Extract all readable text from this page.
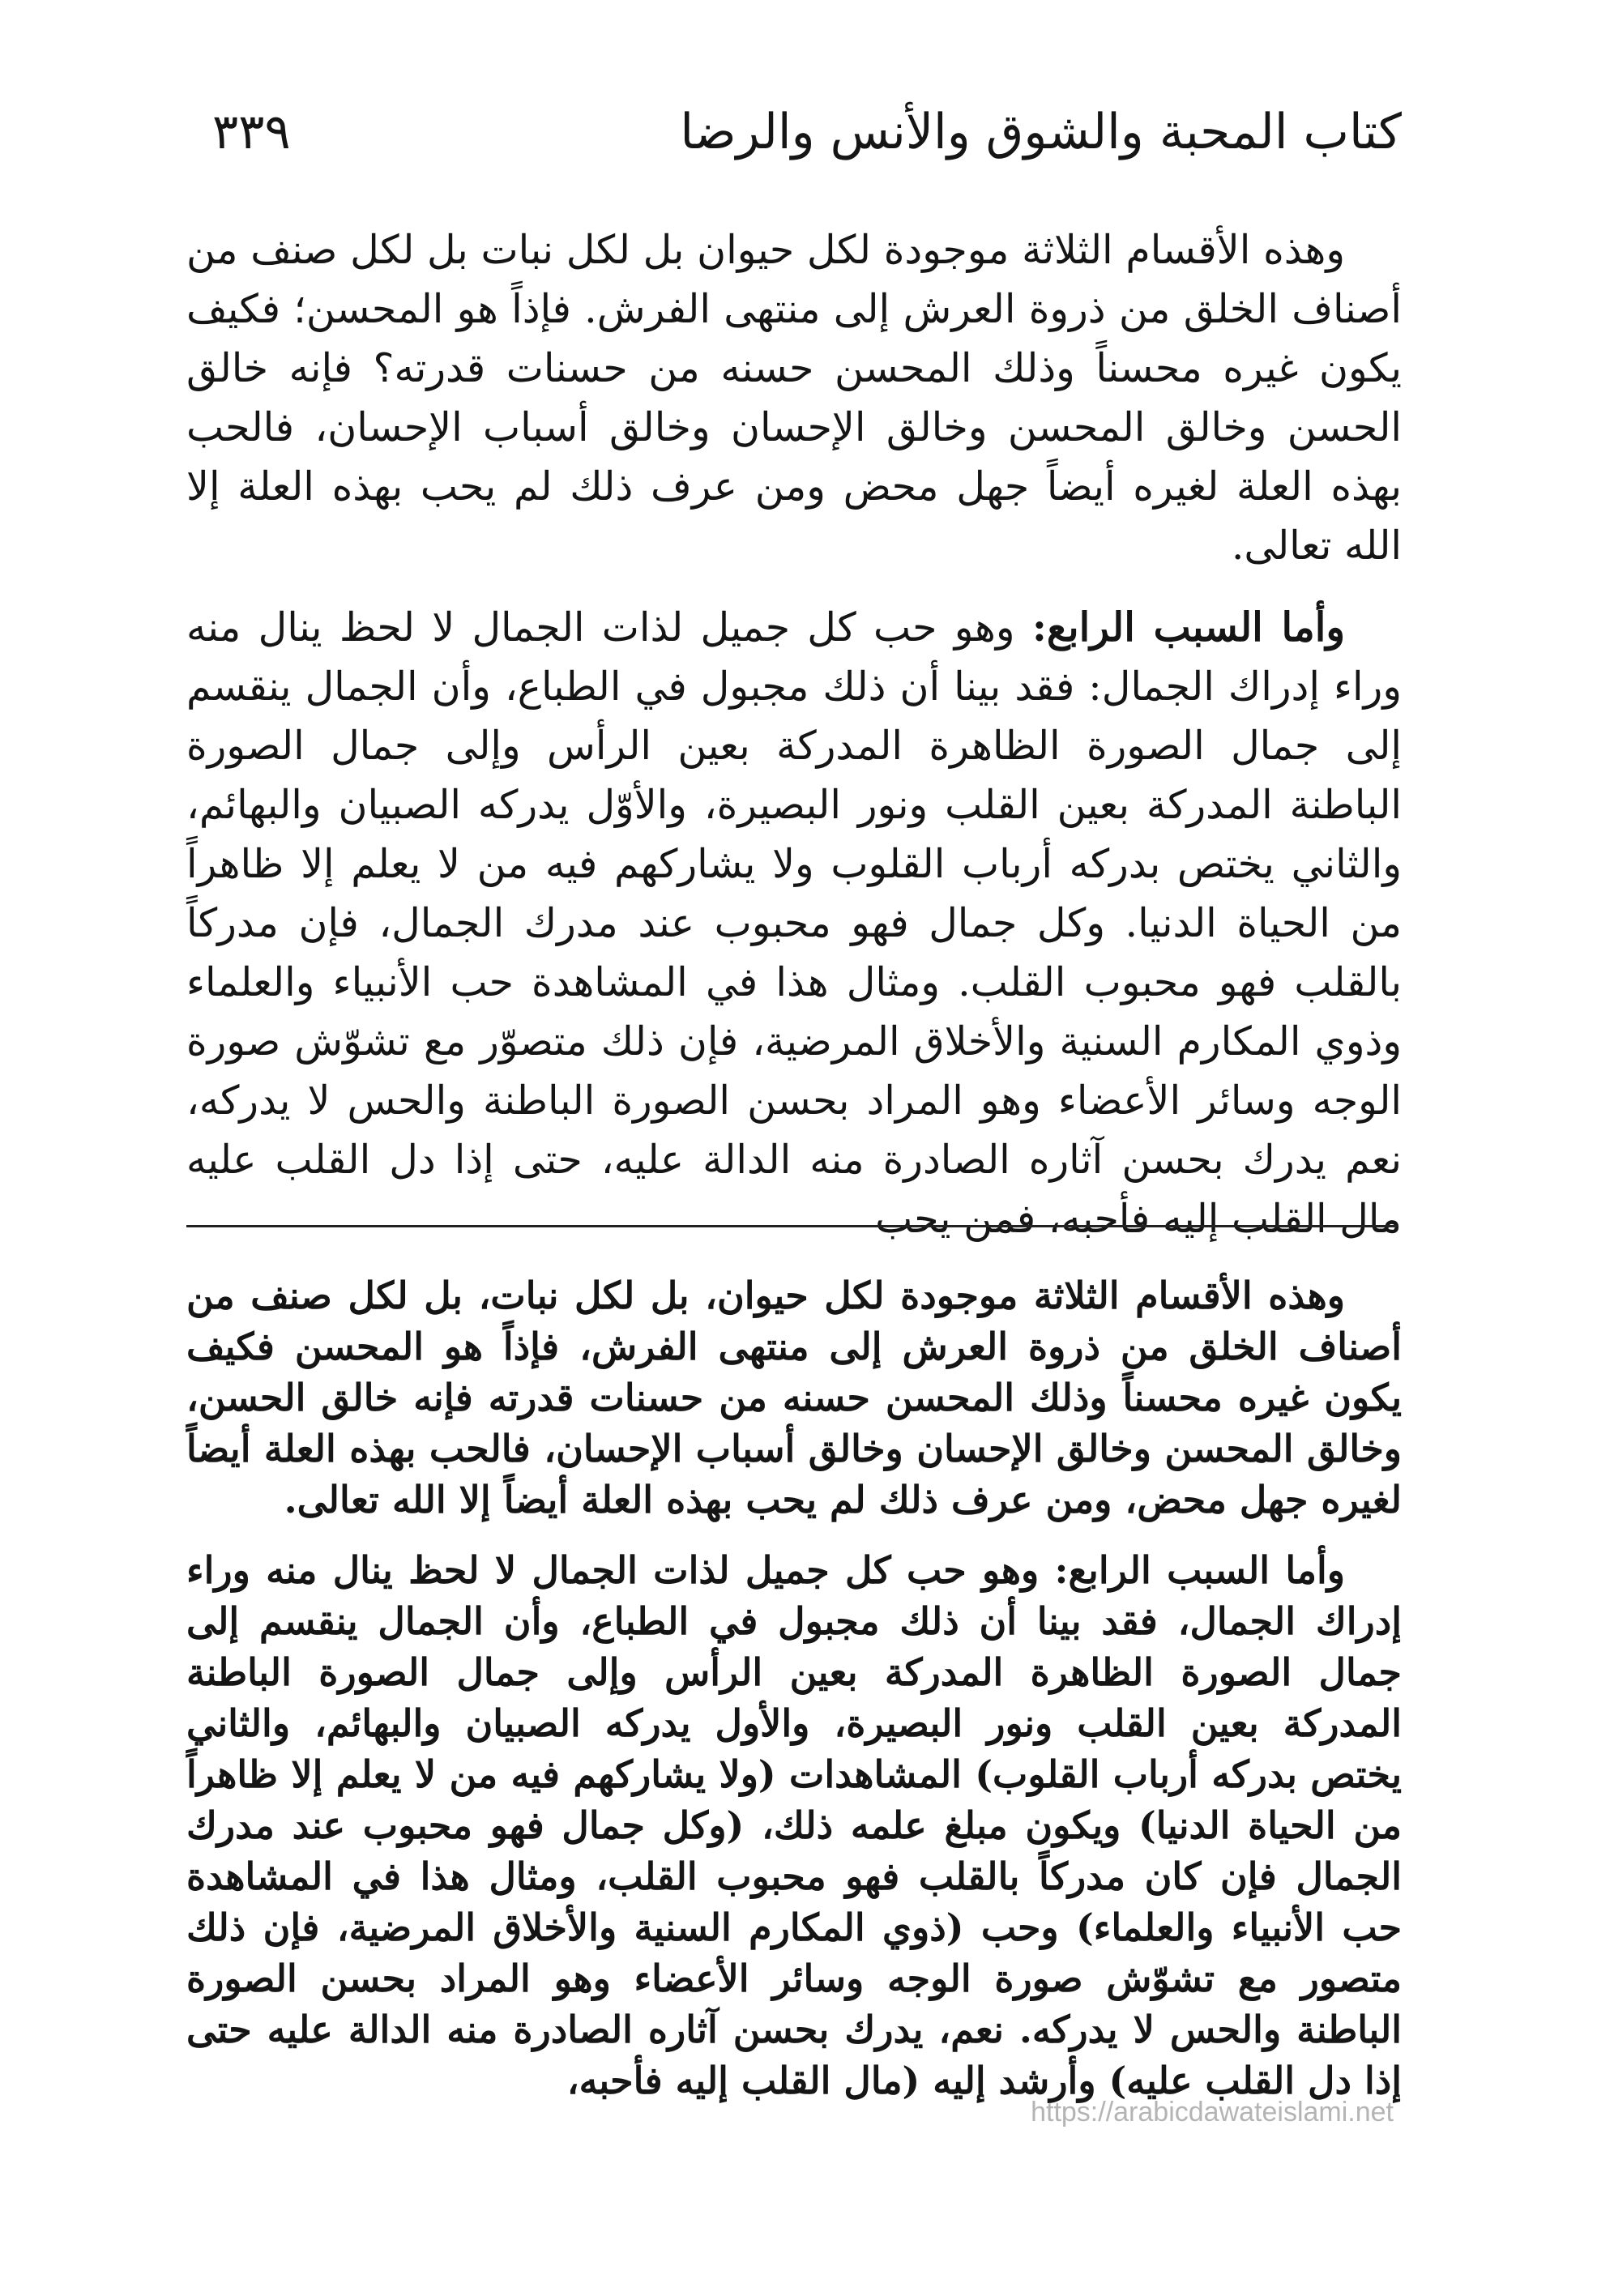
كتاب المحبة والشوق والأنس والرضا
٣٣٩

وهذه الأقسام الثلاثة موجودة لكل حيوان بل لكل نبات بل لكل صنف من أصناف الخلق من ذروة العرش إلى منتهى الفرش. فإذاً هو المحسن؛ فكيف يكون غيره محسناً وذلك المحسن حسنه من حسنات قدرته؟ فإنه خالق الحسن وخالق المحسن وخالق الإحسان وخالق أسباب الإحسان، فالحب بهذه العلة لغيره أيضاً جهل محض ومن عرف ذلك لم يحب بهذه العلة إلا الله تعالى.

وأما السبب الرابع: وهو حب كل جميل لذات الجمال لا لحظ ينال منه وراء إدراك الجمال: فقد بينا أن ذلك مجبول في الطباع، وأن الجمال ينقسم إلى جمال الصورة الظاهرة المدركة بعين الرأس وإلى جمال الصورة الباطنة المدركة بعين القلب ونور البصيرة، والأوّل يدركه الصبيان والبهائم، والثاني يختص بدركه أرباب القلوب ولا يشاركهم فيه من لا يعلم إلا ظاهراً من الحياة الدنيا. وكل جمال فهو محبوب عند مدرك الجمال، فإن مدركاً بالقلب فهو محبوب القلب. ومثال هذا في المشاهدة حب الأنبياء والعلماء وذوي المكارم السنية والأخلاق المرضية، فإن ذلك متصوّر مع تشوّش صورة الوجه وسائر الأعضاء وهو المراد بحسن الصورة الباطنة والحس لا يدركه، نعم يدرك بحسن آثاره الصادرة منه الدالة عليه، حتى إذا دل القلب عليه مال القلب إليه فأحبه، فمن يحب

وهذه الأقسام الثلاثة موجودة لكل حيوان، بل لكل نبات، بل لكل صنف من أصناف الخلق من ذروة العرش إلى منتهى الفرش، فإذاً هو المحسن فكيف يكون غيره محسناً وذلك المحسن حسنه من حسنات قدرته فإنه خالق الحسن، وخالق المحسن وخالق الإحسان وخالق أسباب الإحسان، فالحب بهذه العلة أيضاً لغيره جهل محض، ومن عرف ذلك لم يحب بهذه العلة أيضاً إلا الله تعالى.

وأما السبب الرابع: وهو حب كل جميل لذات الجمال لا لحظ ينال منه وراء إدراك الجمال، فقد بينا أن ذلك مجبول في الطباع، وأن الجمال ينقسم إلى جمال الصورة الظاهرة المدركة بعين الرأس وإلى جمال الصورة الباطنة المدركة بعين القلب ونور البصيرة، والأول يدركه الصبيان والبهائم، والثاني يختص بدركه أرباب القلوب) المشاهدات (ولا يشاركهم فيه من لا يعلم إلا ظاهراً من الحياة الدنيا) ويكون مبلغ علمه ذلك، (وكل جمال فهو محبوب عند مدرك الجمال فإن كان مدركاً بالقلب فهو محبوب القلب، ومثال هذا في المشاهدة حب الأنبياء والعلماء) وحب (ذوي المكارم السنية والأخلاق المرضية، فإن ذلك متصور مع تشوّش صورة الوجه وسائر الأعضاء وهو المراد بحسن الصورة الباطنة والحس لا يدركه. نعم، يدرك بحسن آثاره الصادرة منه الدالة عليه حتى إذا دل القلب عليه) وأرشد إليه (مال القلب إليه فأحبه،

https://arabicdawateislami.net
